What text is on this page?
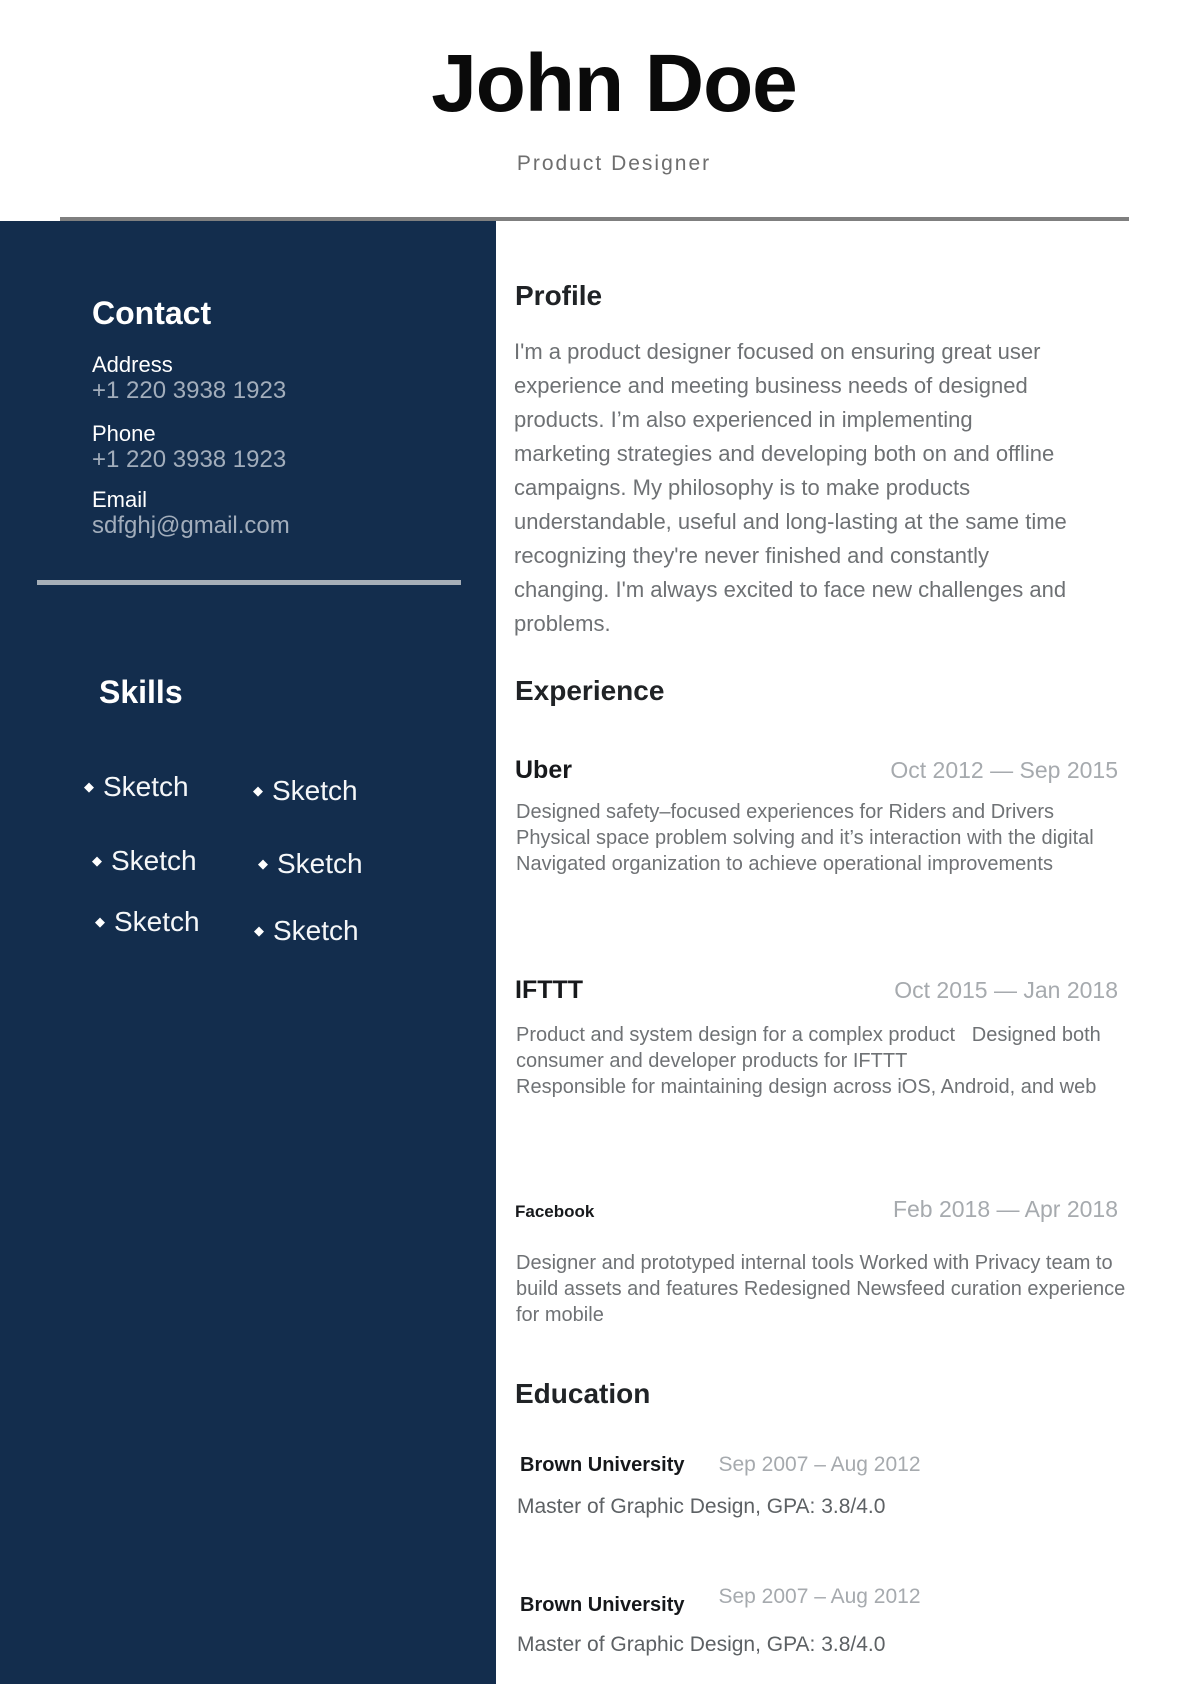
John Doe
Product Designer
Contact
Address
+1 220 3938 1923
Phone
+1 220 3938 1923
Email
sdfghj@gmail.com
Skills
◆ Sketch	◆ Sketch
◆ Sketch	◆ Sketch
◆ Sketch	◆ Sketch
Profile
I'm a product designer focused on ensuring great user
experience and meeting business needs of designed
products. I’m also experienced in implementing
marketing strategies and developing both on and offline
campaigns. My philosophy is to make products
understandable, useful and long-lasting at the same time
recognizing they're never finished and constantly
changing. I'm always excited to face new challenges and
problems.
Experience
Uber	Oct 2012 — Sep 2015
Designed safety–focused experiences for Riders and Drivers
Physical space problem solving and it’s interaction with the digital
Navigated organization to achieve operational improvements
IFTTT	Oct 2015 — Jan 2018
Product and system design for a complex product   Designed both
consumer and developer products for IFTTT
Responsible for maintaining design across iOS, Android, and web
Facebook	Feb 2018 — Apr 2018
Designer and prototyped internal tools Worked with Privacy team to
build assets and features Redesigned Newsfeed curation experience
for mobile
Education
Brown University Sep 2007 – Aug 2012
Master of Graphic Design, GPA: 3.8/4.0
Brown University Sep 2007 – Aug 2012
Master of Graphic Design, GPA: 3.8/4.0
